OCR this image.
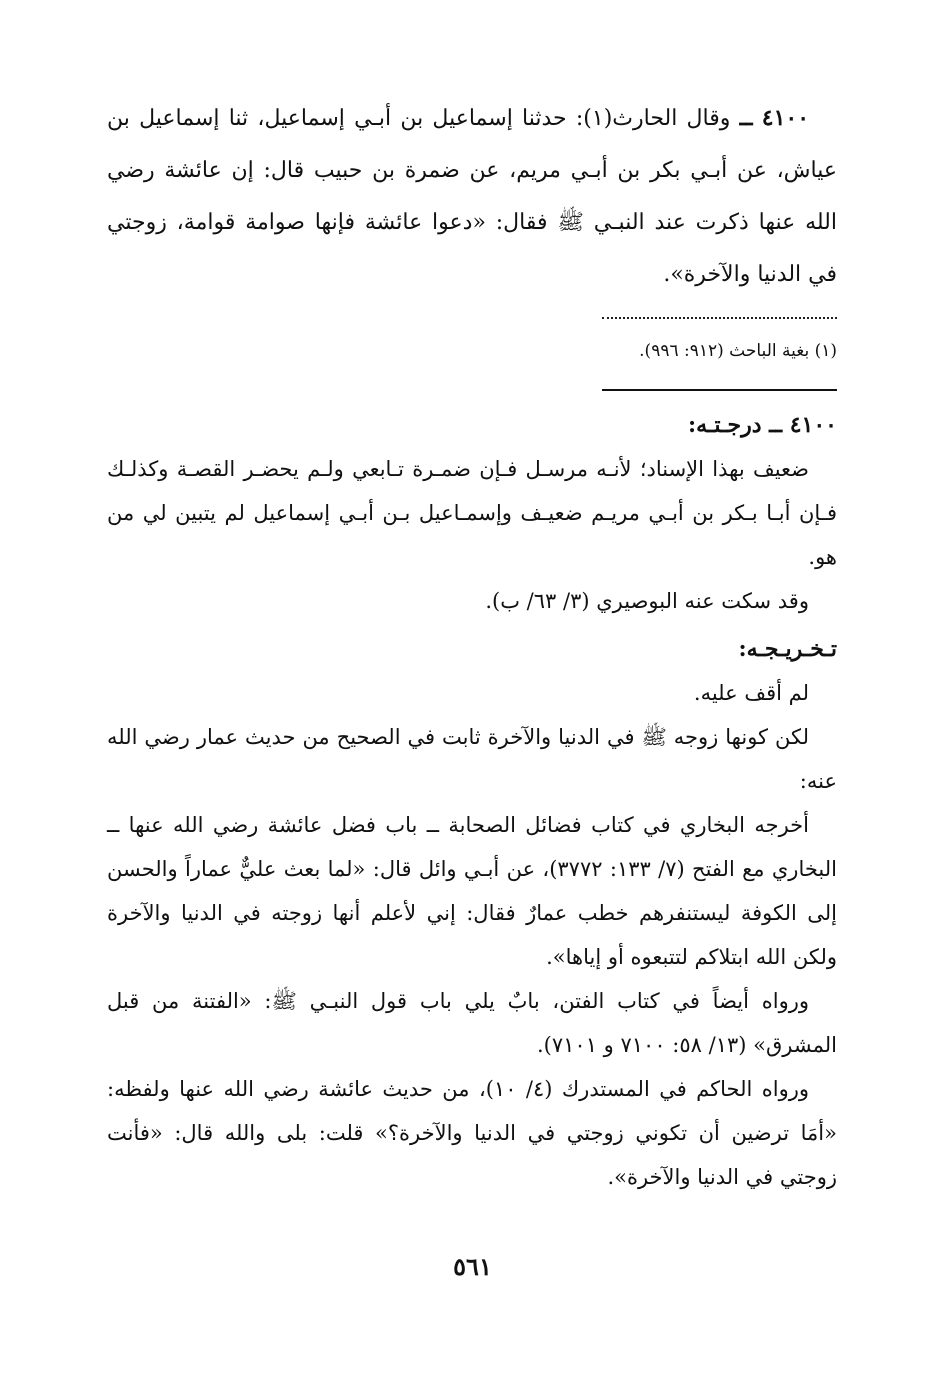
٤١٠٠ ــ وقال الحارث(١): حدثنا إسماعيل بن أبـي إسماعيل، ثنا إسماعيل بن عياش، عن أبـي بكر بن أبـي مريم، عن ضمرة بن حبيب قال: إن عائشة رضي الله عنها ذكرت عند النبـي ﷺ فقال: «دعوا عائشة فإنها صوامة قوامة، زوجتي في الدنيا والآخرة».

(١) بغية الباحث (٩١٢: ٩٩٦).

٤١٠٠ ــ درجـتـه:

ضعيف بهذا الإسناد؛ لأنـه مرسـل فـإن ضمـرة تـابعي ولـم يحضـر القصـة وكذلـك فـإن أبـا بـكر بن أبـي مريـم ضعيـف وإسمـاعيل بـن أبـي إسماعيل لم يتبين لي من هو.

وقد سكت عنه البوصيري (٣/ ٦٣/ ب).

تـخـريـجـه:

لم أقف عليه.

لكن كونها زوجه ﷺ في الدنيا والآخرة ثابت في الصحيح من حديث عمار رضي الله عنه:

أخرجه البخاري في كتاب فضائل الصحابة ــ باب فضل عائشة رضي الله عنها ــ البخاري مع الفتح (٧/ ١٣٣: ٣٧٧٢)، عن أبـي وائل قال: «لما بعث عليٌّ عماراً والحسن إلى الكوفة ليستنفرهم خطب عمارٌ فقال: إني لأعلم أنها زوجته في الدنيا والآخرة ولكن الله ابتلاكم لتتبعوه أو إياها».

ورواه أيضاً في كتاب الفتن، بابٌ يلي باب قول النبـي ﷺ: «الفتنة من قبل المشرق» (١٣/ ٥٨: ٧١٠٠ و ٧١٠١).

ورواه الحاكم في المستدرك (٤/ ١٠)، من حديث عائشة رضي الله عنها ولفظه: «أمَا ترضين أن تكوني زوجتي في الدنيا والآخرة؟» قلت: بلى والله قال: «فأنت زوجتي في الدنيا والآخرة».

٥٦١
